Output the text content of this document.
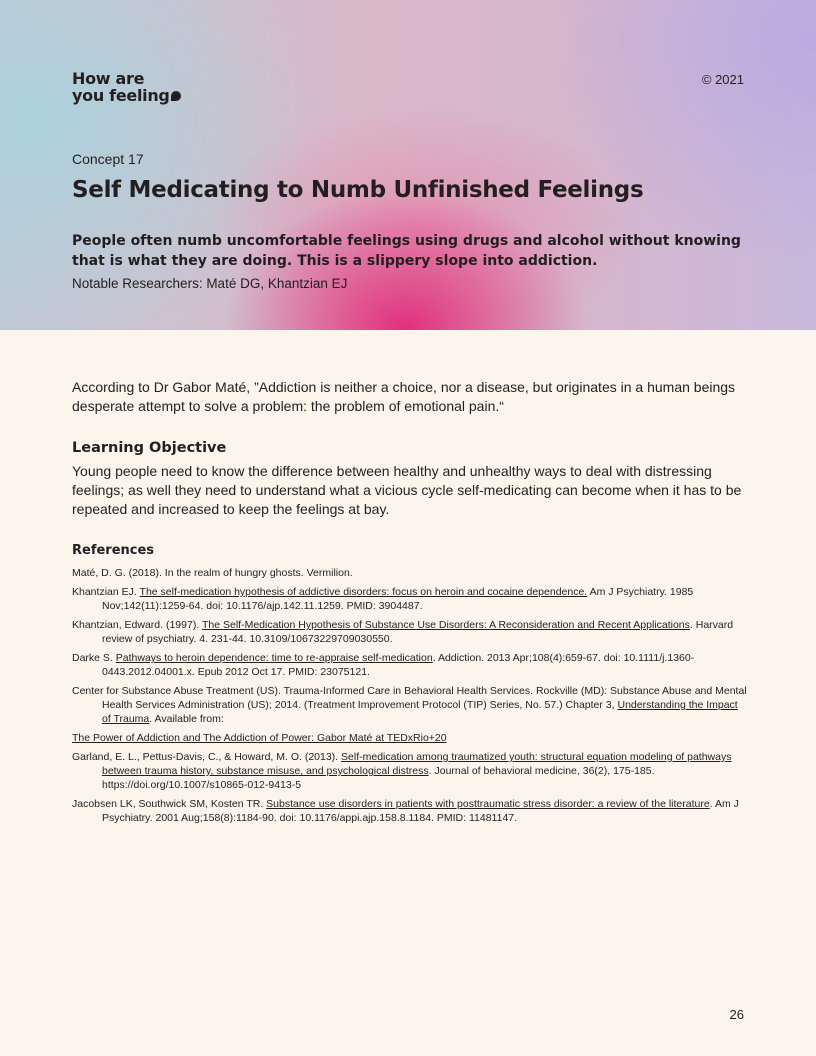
How are
you feeling
© 2021
Concept 17
Self Medicating to Numb Unfinished Feelings

People often numb uncomfortable feelings using drugs and alcohol without knowing that is what they are doing. This is a slippery slope into addiction.

Notable Researchers: Maté DG, Khantzian EJ

According to Dr Gabor Maté, ”Addiction is neither a choice, nor a disease, but originates in a human beings desperate attempt to solve a problem: the problem of emotional pain.“

Learning Objective

Young people need to know the difference between healthy and unhealthy ways to deal with distressing feelings; as well they need to understand what a vicious cycle self-medicating can become when it has to be repeated and increased to keep the feelings at bay.

References

Maté, D. G. (2018). In the realm of hungry ghosts. Vermilion.

Khantzian EJ. The self-medication hypothesis of addictive disorders: focus on heroin and cocaine dependence. Am J Psychiatry. 1985 Nov;142(11):1259-64. doi: 10.1176/ajp.142.11.1259. PMID: 3904487.

Khantzian, Edward. (1997). The Self-Medication Hypothesis of Substance Use Disorders: A Reconsideration and Recent Applications. Harvard review of psychiatry. 4. 231-44. 10.3109/10673229709030550.

Darke S. Pathways to heroin dependence: time to re-appraise self-medication. Addiction. 2013 Apr;108(4):659-67. doi: 10.1111/j.1360-0443.2012.04001.x. Epub 2012 Oct 17. PMID: 23075121.

Center for Substance Abuse Treatment (US). Trauma-Informed Care in Behavioral Health Services. Rockville (MD): Substance Abuse and Mental Health Services Administration (US); 2014. (Treatment Improvement Protocol (TIP) Series, No. 57.) Chapter 3, Understanding the Impact of Trauma. Available from:

The Power of Addiction and The Addiction of Power: Gabor Maté at TEDxRio+20

Garland, E. L., Pettus-Davis, C., & Howard, M. O. (2013). Self-medication among traumatized youth: structural equation modeling of pathways between trauma history, substance misuse, and psychological distress. Journal of behavioral medicine, 36(2), 175-185. https://doi.org/10.1007/s10865-012-9413-5

Jacobsen LK, Southwick SM, Kosten TR. Substance use disorders in patients with posttraumatic stress disorder: a review of the literature. Am J Psychiatry. 2001 Aug;158(8):1184-90. doi: 10.1176/appi.ajp.158.8.1184. PMID: 11481147.

26
